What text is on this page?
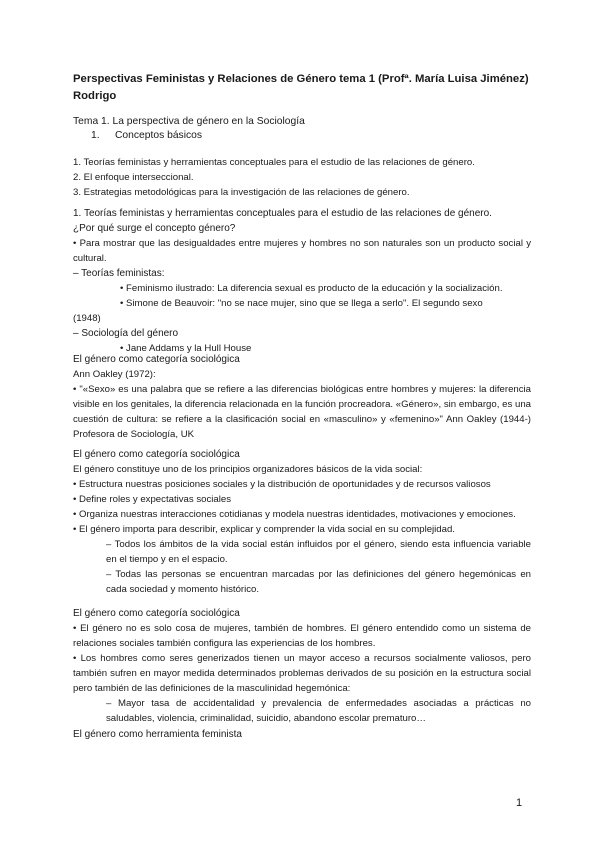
Perspectivas Feministas y Relaciones de Género tema 1 (Profª. María Luisa Jiménez) Rodrigo
Tema 1. La perspectiva de género en la Sociología
1. Conceptos básicos

1. Teorías feministas y herramientas conceptuales para el estudio de las relaciones de género.

2. El enfoque interseccional.

3. Estrategias metodológicas para la investigación de las relaciones de género.

1. Teorías feministas y herramientas conceptuales para el estudio de las relaciones de género.

¿Por qué surge el concepto género?

• Para mostrar que las desigualdades entre mujeres y hombres no son naturales son un producto social y cultural.

– Teorías feministas:

• Feminismo ilustrado: La diferencia sexual es producto de la educación y la socialización.

• Simone de Beauvoir: "no se nace mujer, sino que se llega a serlo". El segundo sexo

(1948)

– Sociología del género

• Jane Addams y la Hull House

El género como categoría sociológica

Ann Oakley (1972):

• "«Sexo» es una palabra que se refiere a las diferencias biológicas entre hombres y mujeres: la diferencia visible en los genitales, la diferencia relacionada en la función procreadora. «Género», sin embargo, es una cuestión de cultura: se refiere a la clasificación social en «masculino» y «femenino»" Ann Oakley (1944-) Profesora de Sociología, UK

El género como categoría sociológica

El género constituye uno de los principios organizadores básicos de la vida social:

• Estructura nuestras posiciones sociales y la distribución de oportunidades y de recursos valiosos

• Define roles y expectativas sociales

• Organiza nuestras interacciones cotidianas y modela nuestras identidades, motivaciones y emociones.

• El género importa para describir, explicar y comprender la vida social en su complejidad.

– Todos los ámbitos de la vida social están influidos por el género, siendo esta influencia variable en el tiempo y en el espacio.

– Todas las personas se encuentran marcadas por las definiciones del género hegemónicas en cada sociedad y momento histórico.

El género como categoría sociológica

• El género no es solo cosa de mujeres, también de hombres. El género entendido como un sistema de relaciones sociales también configura las experiencias de los hombres.

• Los hombres como seres generizados tienen un mayor acceso a recursos socialmente valiosos, pero también sufren en mayor medida determinados problemas derivados de su posición en la estructura social pero también de las definiciones de la masculinidad hegemónica:

– Mayor tasa de accidentalidad y prevalencia de enfermedades asociadas a prácticas no saludables, violencia, criminalidad, suicidio, abandono escolar prematuro…

El género como herramienta feminista

1
